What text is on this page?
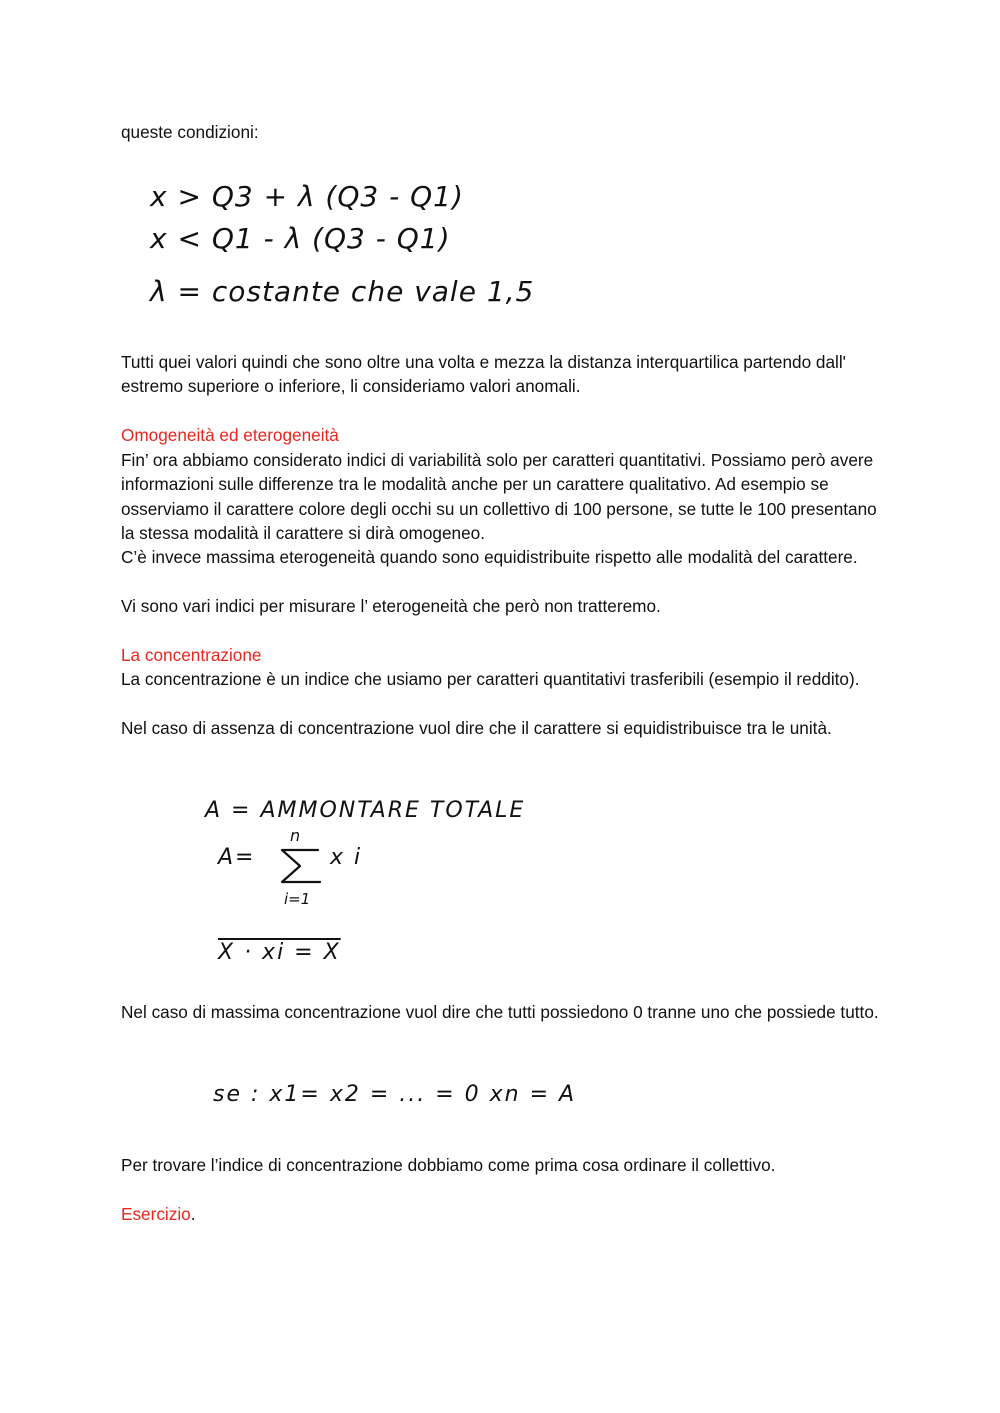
queste condizioni:

x > Q3 + λ (Q3 - Q1)
x < Q1 - λ (Q3 - Q1)
λ = costante che vale 1,5

Tutti quei valori quindi che sono oltre una volta e mezza la distanza interquartilica partendo dall' estremo superiore o inferiore, li consideriamo valori anomali.

Omogeneità ed eterogeneità

Fin’ ora abbiamo considerato indici di variabilità solo per caratteri quantitativi. Possiamo però avere informazioni sulle differenze tra le modalità anche per un carattere qualitativo. Ad esempio se osserviamo il carattere colore degli occhi su un collettivo di 100 persone, se tutte le 100 presentano la stessa modalità il carattere si dirà omogeneo.

C’è invece massima eterogeneità quando sono equidistribuite rispetto alle modalità del carattere.

Vi sono vari indici per misurare l’ eterogeneità che però non tratteremo.

La concentrazione

La concentrazione è un indice che usiamo per caratteri quantitativi trasferibili (esempio il reddito).

Nel caso di assenza di concentrazione vuol dire che il carattere si equidistribuisce tra le unità.

A = AMMONTARE TOTALE
A=
n
i=1
x i
X · xi = X

Nel caso di massima concentrazione vuol dire che tutti possiedono 0 tranne uno che possiede tutto.

se : x1= x2 = ... = 0 xn = A

Per trovare l’indice di concentrazione dobbiamo come prima cosa ordinare il collettivo.

Esercizio.
